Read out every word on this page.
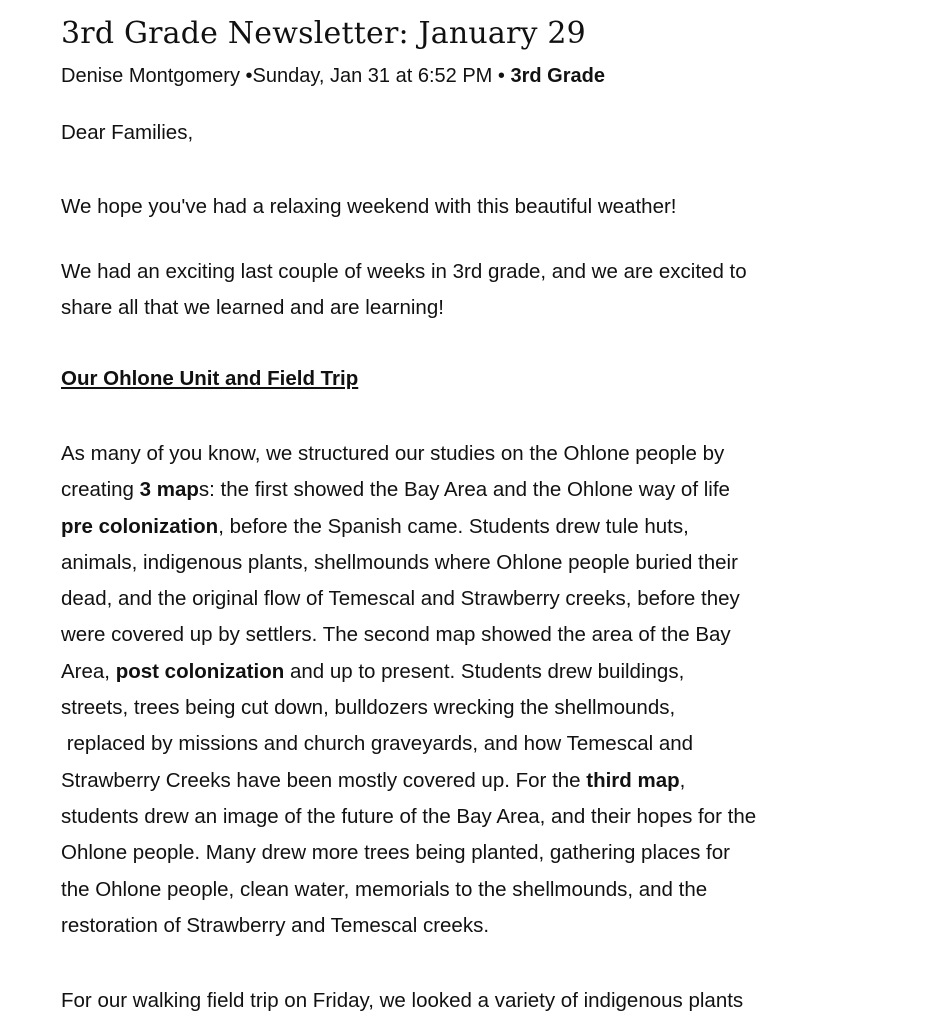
3rd Grade Newsletter: January 29
Denise Montgomery •Sunday, Jan 31 at 6:52 PM • 3rd Grade

Dear Families,

We hope you've had a relaxing weekend with this beautiful weather!

We had an exciting last couple of weeks in 3rd grade, and we are excited to
share all that we learned and are learning!

Our Ohlone Unit and Field Trip

As many of you know, we structured our studies on the Ohlone people by
creating 3 maps: the first showed the Bay Area and the Ohlone way of life
pre colonization, before the Spanish came. Students drew tule huts,
animals, indigenous plants, shellmounds where Ohlone people buried their
dead, and the original flow of Temescal and Strawberry creeks, before they
were covered up by settlers. The second map showed the area of the Bay
Area, post colonization and up to present. Students drew buildings,
streets, trees being cut down, bulldozers wrecking the shellmounds,
replaced by missions and church graveyards, and how Temescal and
Strawberry Creeks have been mostly covered up. For the third map,
students drew an image of the future of the Bay Area, and their hopes for the
Ohlone people. Many drew more trees being planted, gathering places for
the Ohlone people, clean water, memorials to the shellmounds, and the
restoration of Strawberry and Temescal creeks.

For our walking field trip on Friday, we looked a variety of indigenous plants
